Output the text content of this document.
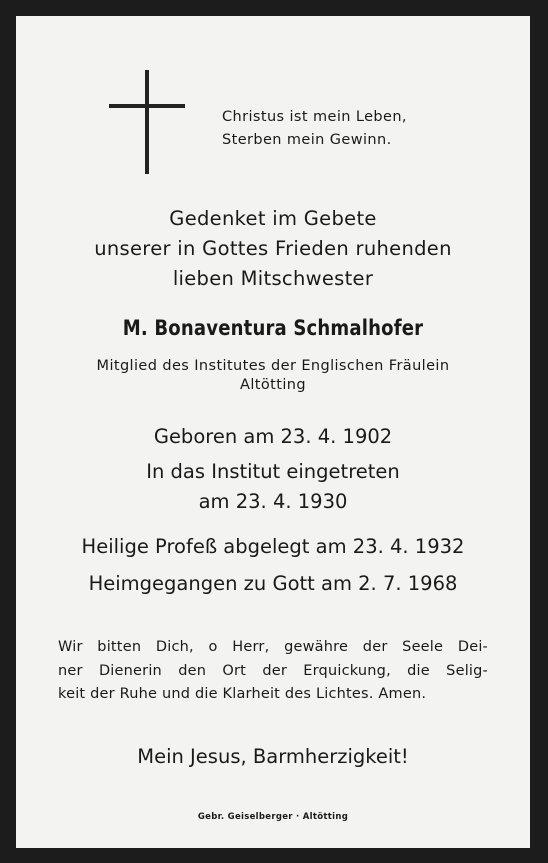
Christus ist mein Leben,
Sterben mein Gewinn.
Gedenket im Gebete
unserer in Gottes Frieden ruhenden
lieben Mitschwester
M. Bonaventura Schmalhofer
Mitglied des Institutes der Englischen Fräulein
Altötting
Geboren am 23. 4. 1902
In das Institut eingetreten
am 23. 4. 1930
Heilige Profeß abgelegt am 23. 4. 1932
Heimgegangen zu Gott am 2. 7. 1968
Wir bitten Dich, o Herr, gewähre der Seele Dei-
ner Dienerin den Ort der Erquickung, die Selig-
keit der Ruhe und die Klarheit des Lichtes. Amen.
Mein Jesus, Barmherzigkeit!
Gebr. Geiselberger · Altötting
